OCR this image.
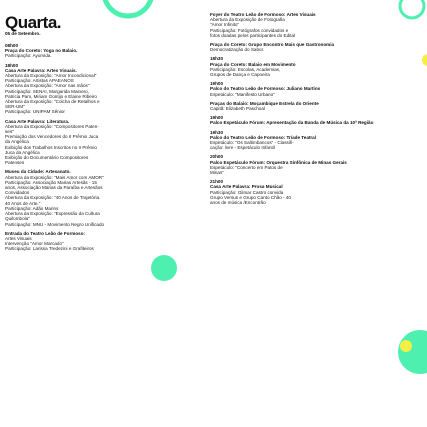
Quarta.
05 de Setembro.
08h00
Praça do Coreto: Yoga no Balaio.
Participação: Ayurvida.
18h00
Casa Arte Palavra: Artes Visuais.
Abertura da Exposição: "Amor Incondicional"
Participação: Artistas APAEANOS
Abertura da Exposição: "Amor nas mãos"
Participação: SENAI, Margarida Mainero,
Patricia Pam, Miriam Gontijo e Elaine Ribeiro
Abertura da Exposição: "Colcha de Retalhos e
SER-UM"
Participação: UNIPAM Sênior
Casa Arte Palavra: Literatura.
Abertura da Exposição: "Compositores Paten-
ses"
Premiação dos Vencedores do II Prêmio Juca
da Angélica
Exibição dos Trabalhos Inscritos no II Prêmio
Juca da Angélica
Exibição do Documentário Compositores
Patenses
Museu da Cidade: Artesanato.
Abertura da Exposição: "Mais Amor com AMOR"
Participação: Associação Marias Artesãs - 15
anos, Associação Marias da Paraíba e Artesãos
Convidados
Abertura da Exposição: "40 Anos de Trajetória.
40 Anos de Arte."
Participação: Adão Marins
Abertura da Exposição: "Expressão da Cultura
Quilombola"
Participação: MNU - Movimento Negro Unificado
Entrada do Teatro Leão de Formoso:
Artes Visuais
Intervenção "Amor Marcado"
Participação: Larissa Tredezini e Grafiteiros
Foyer do Teatro Leão de Formoso: Artes Visuais
Abertura da Exposição de Fotografia
"Amor Infinito"
Participação: Fotógrafos convidados e
fotos doadas pelos participantes do Edital
Praça do Coreto: Grupo Encontro Mais que Gastronomia
Democratização do Sabor.
18h30
Praça do Coreto: Balaio em Movimento
Participação: Escolas, Academias,
Grupos de Dança e Capoeira
19h00
Palco do Teatro Leão de Formoso: Juliano Martins
Espetáculo: "Manifesto Urbano"
Praças do Balaio: Moçambique Estrela do Oriente
Capitã: Elizabeth Paschoal
19h00
Palco Espetáculo Fórum: Apresentação da Banda de Música da 10ª Região
19h30
Palco do Teatro Leão de Formoso: Tríade Teatral
Espetáculo: "Os Saltimbancos" - Classifi-
cação: livre - Espetáculo Infantil
20h00
Palco Espetáculo Fórum: Orquestra Sinfônica de Minas Gerais
Espetáculo: "Concerto em Patos de
Minas"
21h00
Casa Arte Palavra: Prosa Musical
Participação: Gilmar Castro convida
Grupo Versus e Grupo Canto Chão - 40
anos de música /Encontrão
